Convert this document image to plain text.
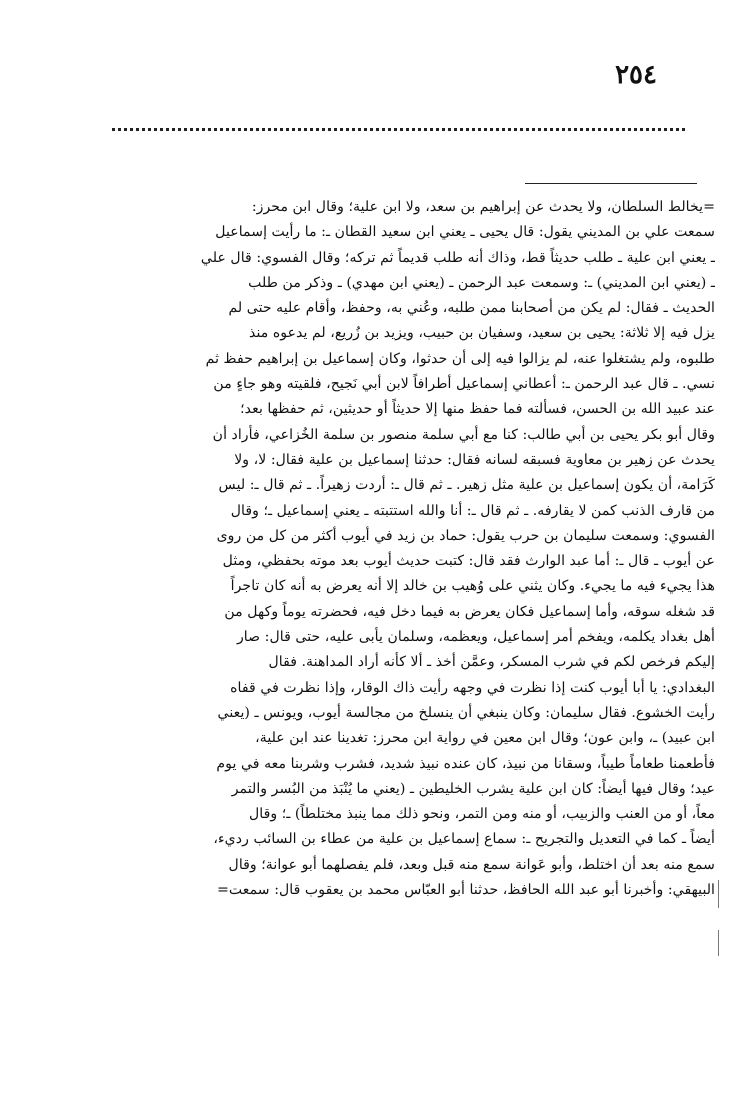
٢٥٤
=يخالط السلطان، ولا يحدث عن إبراهيم بن سعد، ولا ابن علية؛ وقال ابن محرز:
سمعت علي بن المديني يقول: قال يحيى ـ يعني ابن سعيد القطان ـ: ما رأيت إسماعيل
ـ يعني ابن علية ـ طلب حديثاً قط، وذاك أنه طلب قديماً ثم تركه؛ وقال الفسوي: قال علي
ـ (يعني ابن المديني) ـ: وسمعت عبد الرحمن ـ (يعني ابن مهدي) ـ وذكر من طلب
الحديث ـ فقال: لم يكن من أصحابنا ممن طلبه، وعُني به، وحفظ، وأقام عليه حتى لم
يزل فيه إلا ثلاثة: يحيى بن سعيد، وسفيان بن حبيب، ويزيد بن زُريع، لم يدعوه منذ
طلبوه، ولم يشتغلوا عنه، لم يزالوا فيه إلى أن حدثوا، وكان إسماعيل بن إبراهيم حفظ ثم
نسي. ـ قال عبد الرحمن ـ: أعطاني إسماعيل أطرافاً لابن أبي نَجيح، فلقيته وهو جاءٍ من
عند عبيد الله بن الحسن، فسألته فما حفظ منها إلا حديثاً أو حديثين، ثم حفظها بعد؛
وقال أبو بكر يحيى بن أبي طالب: كنا مع أبي سلمة منصور بن سلمة الخُزاعي، فأراد أن
يحدث عن زهير بن معاوية فسبقه لسانه فقال: حدثنا إسماعيل بن علية فقال: لا، ولا
كَرَامة، أن يكون إسماعيل بن علية مثل زهير. ـ ثم قال ـ: أردت زهيراً. ـ ثم قال ـ: ليس
من قارف الذنب كمن لا يقارفه. ـ ثم قال ـ: أنا والله استتبته ـ يعني إسماعيل ـ؛ وقال
الفسوي: وسمعت سليمان بن حرب يقول: حماد بن زيد في أيوب أكثر من كل من روى
عن أيوب ـ قال ـ: أما عبد الوارث فقد قال: كتبت حديث أيوب بعد موته بحفظي، ومثل
هذا يجيء فيه ما يجيء. وكان يثني على وُهيب بن خالد إلا أنه يعرض به أنه كان تاجراً
قد شغله سوقه، وأما إسماعيل فكان يعرض به فيما دخل فيه، فحضرته يوماً وكهل من
أهل بغداد يكلمه، ويفخم أمر إسماعيل، ويعظمه، وسلمان يأبى عليه، حتى قال: صار
إليكم فرخص لكم في شرب المسكر، وعمَّن أخذ ـ ألا كأنه أراد المداهنة. فقال
البغدادي: يا أبا أيوب كنت إذا نظرت في وجهه رأيت ذاك الوقار، وإذا نظرت في قفاه
رأيت الخشوع. فقال سليمان: وكان ينبغي أن ينسلخ من مجالسة أيوب، ويونس ـ (يعني
ابن عبيد) ـ، وابن عون؛ وقال ابن معين في رواية ابن محرز: تغدينا عند ابن علية،
فأطعمنا طعاماً طيباً، وسقانا من نبيذ، كان عنده نبيذ شديد، فشرب وشربنا معه في يوم
عيد؛ وقال فيها أيضاً: كان ابن علية يشرب الخليطين ـ (يعني ما يُنْبَذ من البُسر والتمر
معاً، أو من العنب والزبيب، أو منه ومن التمر، ونحو ذلك مما ينبذ مختلطاً) ـ؛ وقال
أيضاً ـ كما في التعديل والتجريح ـ: سماع إسماعيل بن علية من عطاء بن السائب رديء،
سمع منه بعد أن اختلط، وأبو عَوانة سمع منه قبل وبعد، فلم يفصلهما أبو عوانة؛ وقال
البيهقي: وأخبرنا أبو عبد الله الحافظ، حدثنا أبو العبّاس محمد بن يعقوب قال: سمعت=
